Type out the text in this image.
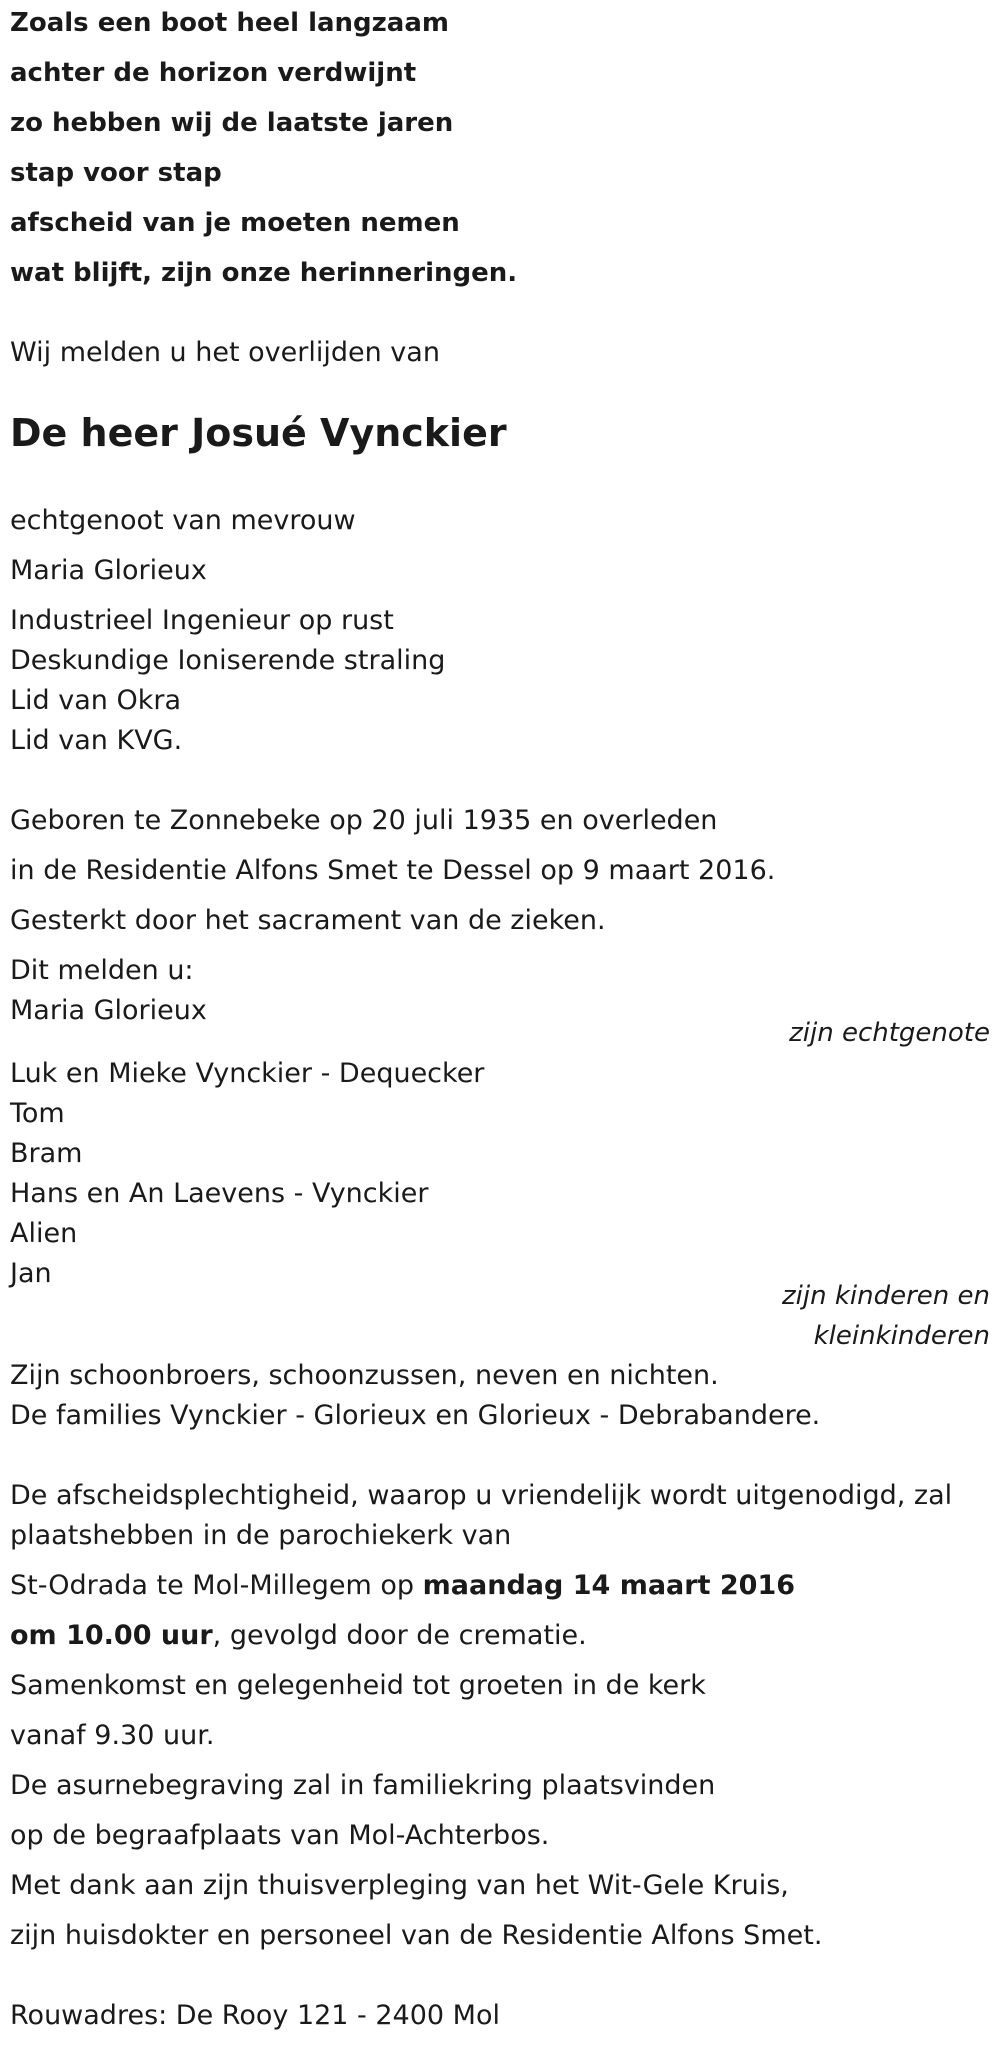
Zoals een boot heel langzaam
achter de horizon verdwijnt
zo hebben wij de laatste jaren
stap voor stap
afscheid van je moeten nemen
wat blijft, zijn onze herinneringen.
Wij melden u het overlijden van
De heer Josué Vynckier
echtgenoot van mevrouw
Maria Glorieux
Industrieel Ingenieur op rust
Deskundige Ioniserende straling
Lid van Okra
Lid van KVG.
Geboren te Zonnebeke op 20 juli 1935 en overleden
in de Residentie Alfons Smet te Dessel op 9 maart 2016.
Gesterkt door het sacrament van de zieken.
Dit melden u:
Maria Glorieux
zijn echtgenote
Luk en Mieke Vynckier - Dequecker
Tom
Bram
Hans en An Laevens - Vynckier
Alien
Jan
zijn kinderen en
kleinkinderen
Zijn schoonbroers, schoonzussen, neven en nichten.
De families Vynckier - Glorieux en Glorieux - Debrabandere.
De afscheidsplechtigheid, waarop u vriendelijk wordt uitgenodigd, zal
plaatshebben in de parochiekerk van
St-Odrada te Mol-Millegem op maandag 14 maart 2016
om 10.00 uur, gevolgd door de crematie.
Samenkomst en gelegenheid tot groeten in de kerk
vanaf 9.30 uur.
De asurnebegraving zal in familiekring plaatsvinden
op de begraafplaats van Mol-Achterbos.
Met dank aan zijn thuisverpleging van het Wit-Gele Kruis,
zijn huisdokter en personeel van de Residentie Alfons Smet.
Rouwadres: De Rooy 121 - 2400 Mol
